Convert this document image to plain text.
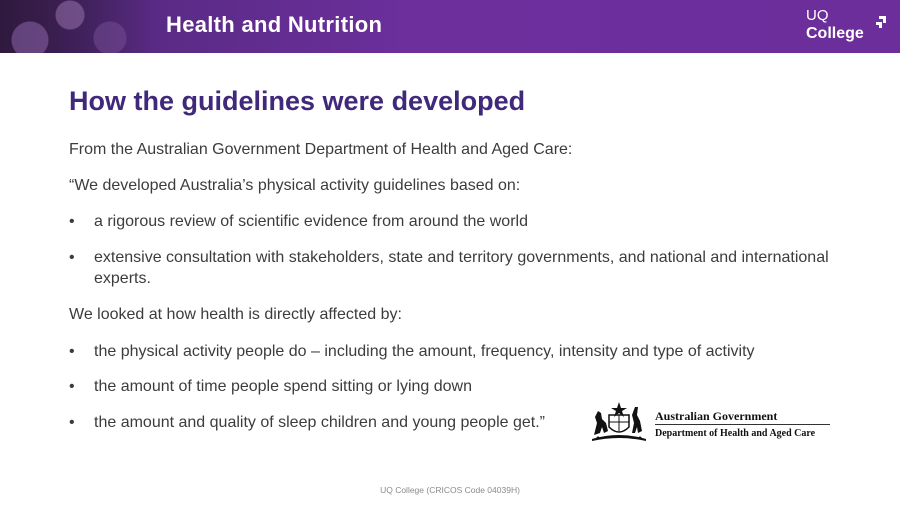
Health and Nutrition	UQ
College
How the guidelines were developed

From the Australian Government Department of Health and Aged Care:

“We developed Australia’s physical activity guidelines based on:

• a rigorous review of scientific evidence from around the world
• extensive consultation with stakeholders, state and territory governments, and national and international experts.

We looked at how health is directly affected by:

• the physical activity people do – including the amount, frequency, intensity and type of activity
• the amount of time people spend sitting or lying down
• the amount and quality of sleep children and young people get.”	Australian Government
Department of Health and Aged Care
UQ College (CRICOS Code 04039H)
